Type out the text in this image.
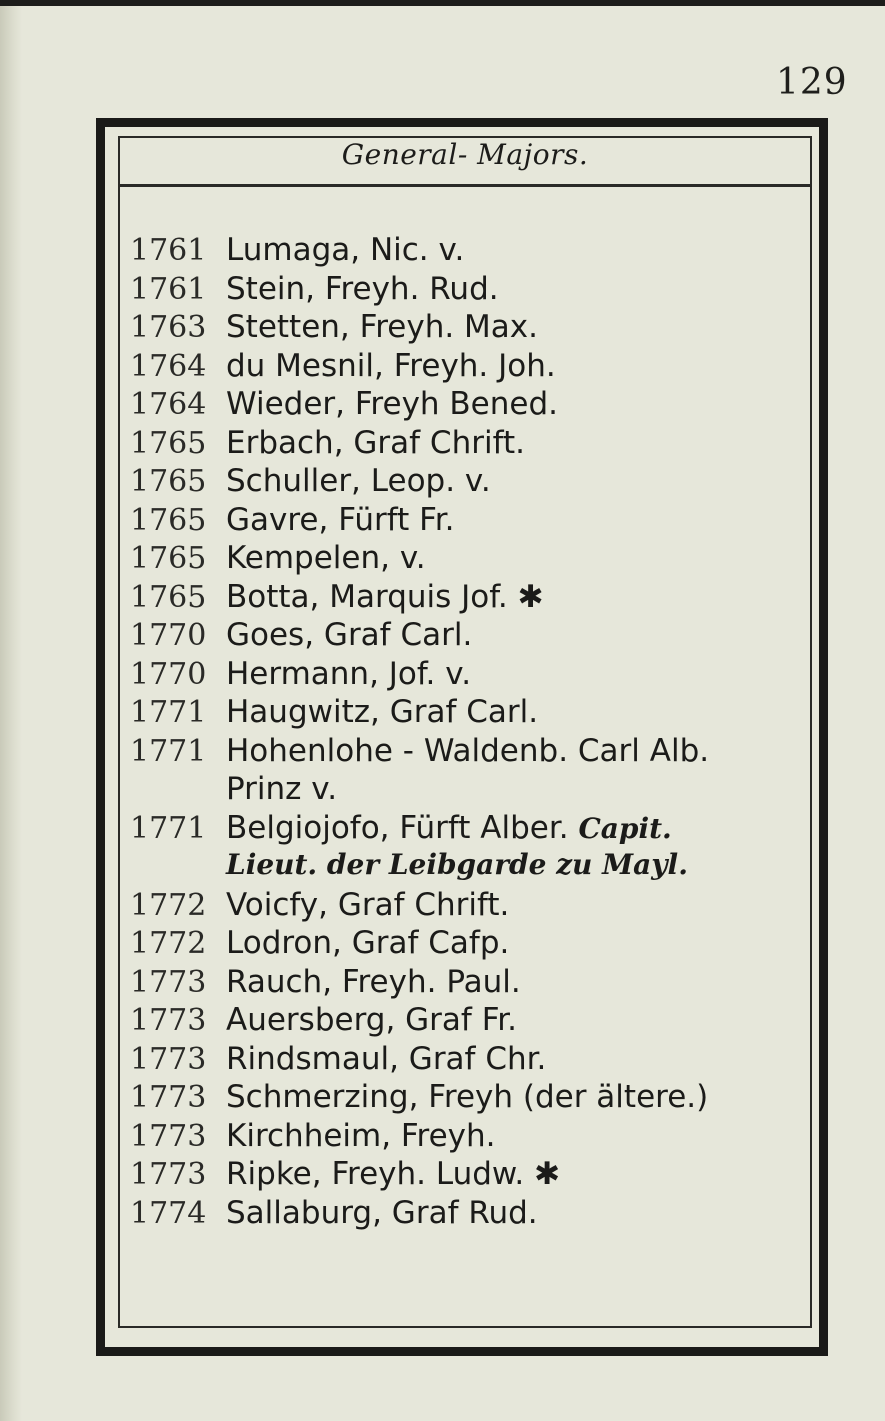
129
General- Majors.
1761 Lumaga, Nic. v.
1761 Stein, Freyh. Rud.
1763 Stetten, Freyh. Max.
1764 du Mesnil, Freyh. Joh.
1764 Wieder, Freyh Bened.
1765 Erbach, Graf Chrift.
1765 Schuller, Leop. v.
1765 Gavre, Fürft Fr.
1765 Kempelen, v.
1765 Botta, Marquis Jof. ✱
1770 Goes, Graf Carl.
1770 Hermann, Jof. v.
1771 Haugwitz, Graf Carl.
1771 Hohenlohe - Waldenb. Carl Alb.
Prinz v.
1771 Belgiojofo, Fürft Alber. Capit.
Lieut. der Leibgarde zu Mayl.
1772 Voicfy, Graf Chrift.
1772 Lodron, Graf Cafp.
1773 Rauch, Freyh. Paul.
1773 Auersberg, Graf Fr.
1773 Rindsmaul, Graf Chr.
1773 Schmerzing, Freyh (der ältere.)
1773 Kirchheim, Freyh.
1773 Ripke, Freyh. Ludw. ✱
1774 Sallaburg, Graf Rud.
